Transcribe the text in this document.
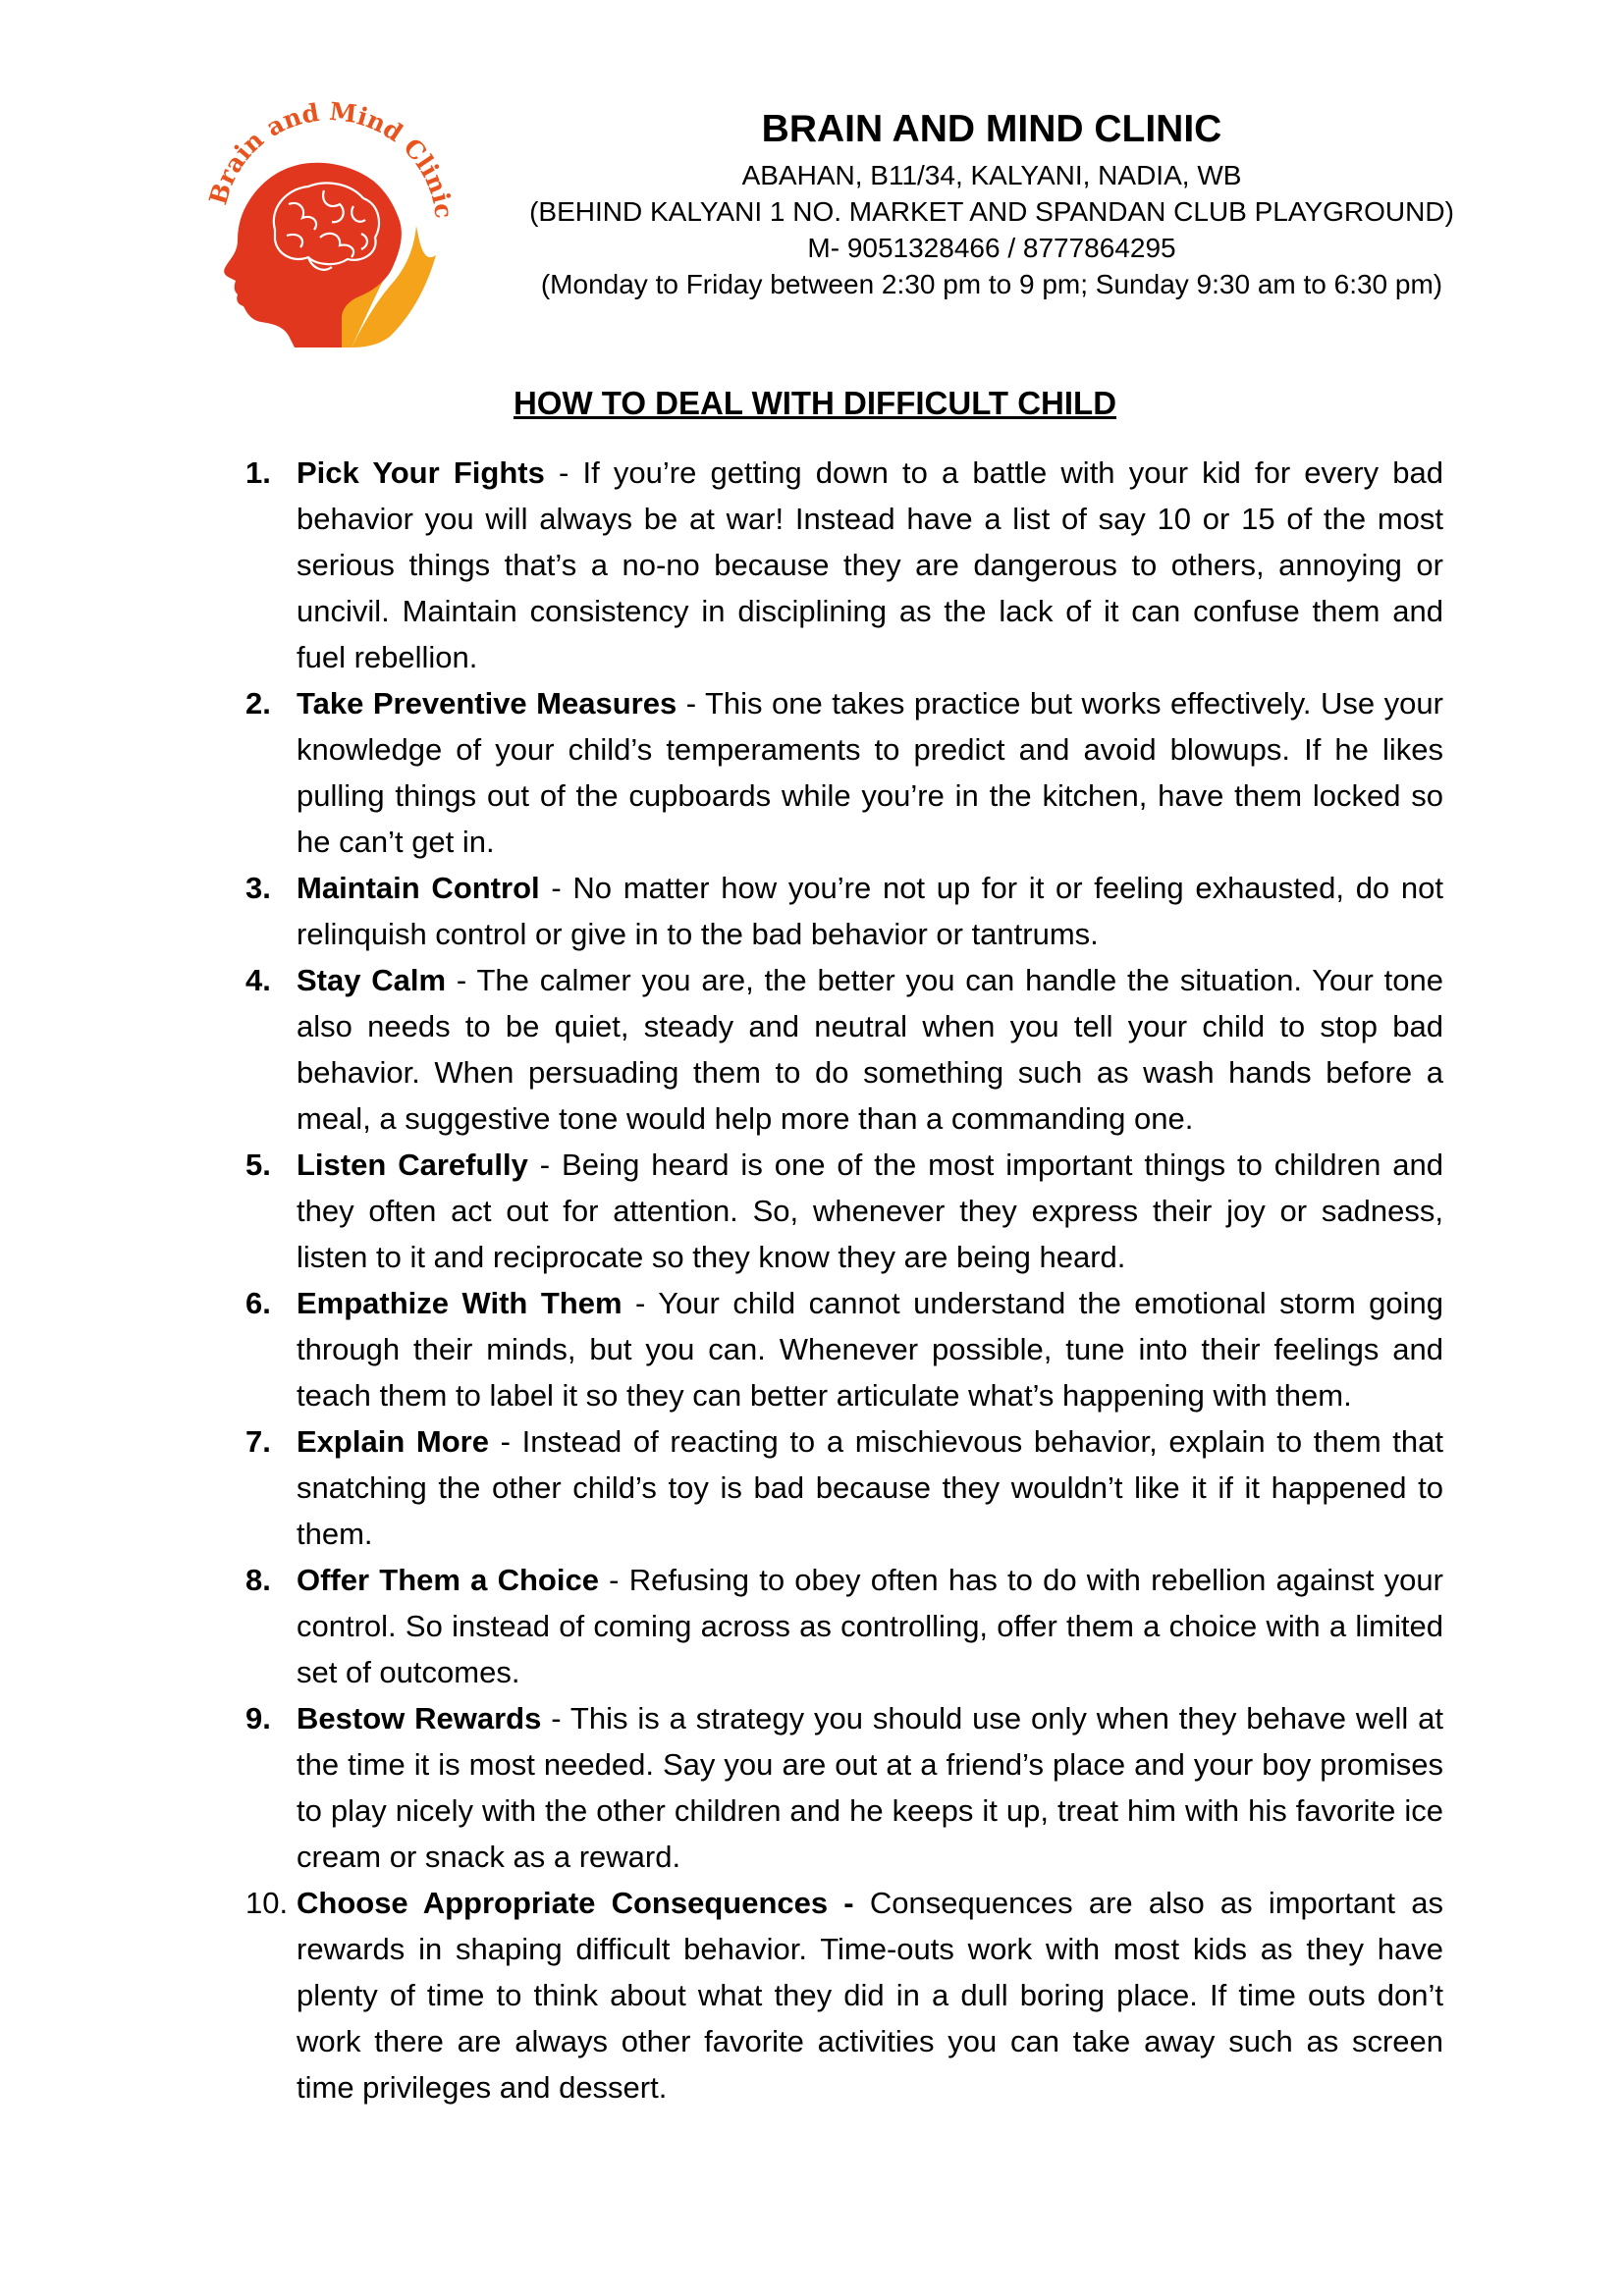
Brain and Mind Clinic
BRAIN AND MIND CLINIC
ABAHAN, B11/34, KALYANI, NADIA, WB
(BEHIND KALYANI 1 NO. MARKET AND SPANDAN CLUB PLAYGROUND)
M- 9051328466 / 8777864295
(Monday to Friday between 2:30 pm to 9 pm; Sunday 9:30 am to 6:30 pm)
HOW TO DEAL WITH DIFFICULT CHILD
1. Pick Your Fights - If you’re getting down to a battle with your kid for every bad behavior you will always be at war! Instead have a list of say 10 or 15 of the most serious things that’s a no-no because they are dangerous to others, annoying or uncivil. Maintain consistency in disciplining as the lack of it can confuse them and fuel rebellion.
2. Take Preventive Measures - This one takes practice but works effectively. Use your knowledge of your child’s temperaments to predict and avoid blowups. If he likes pulling things out of the cupboards while you’re in the kitchen, have them locked so he can’t get in.
3. Maintain Control - No matter how you’re not up for it or feeling exhausted, do not relinquish control or give in to the bad behavior or tantrums.
4. Stay Calm - The calmer you are, the better you can handle the situation. Your tone also needs to be quiet, steady and neutral when you tell your child to stop bad behavior. When persuading them to do something such as wash hands before a meal, a suggestive tone would help more than a commanding one.
5. Listen Carefully - Being heard is one of the most important things to children and they often act out for attention. So, whenever they express their joy or sadness, listen to it and reciprocate so they know they are being heard.
6. Empathize With Them - Your child cannot understand the emotional storm going through their minds, but you can. Whenever possible, tune into their feelings and teach them to label it so they can better articulate what’s happening with them.
7. Explain More - Instead of reacting to a mischievous behavior, explain to them that snatching the other child’s toy is bad because they wouldn’t like it if it happened to them.
8. Offer Them a Choice - Refusing to obey often has to do with rebellion against your control. So instead of coming across as controlling, offer them a choice with a limited set of outcomes.
9. Bestow Rewards - This is a strategy you should use only when they behave well at the time it is most needed. Say you are out at a friend’s place and your boy promises to play nicely with the other children and he keeps it up, treat him with his favorite ice cream or snack as a reward.
10. Choose Appropriate Consequences - Consequences are also as important as rewards in shaping difficult behavior. Time-outs work with most kids as they have plenty of time to think about what they did in a dull boring place. If time outs don’t work there are always other favorite activities you can take away such as screen time privileges and dessert.
